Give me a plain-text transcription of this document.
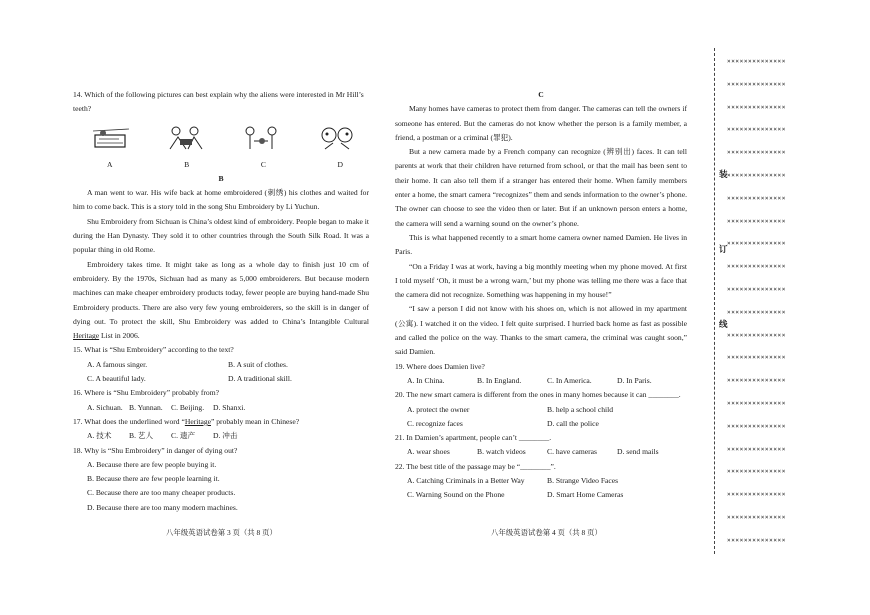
14. Which of the following pictures can best explain why the aliens were interested in Mr Hill’s teeth?

A	B	C	D

B

A man went to war. His wife back at home embroidered (刺绣) his clothes and waited for him to come back. This is a story told in the song Shu Embroidery by Li Yuchun.

Shu Embroidery from Sichuan is China’s oldest kind of embroidery. People began to make it during the Han Dynasty. They sold it to other countries through the South Silk Road. It was a popular thing in old Rome.

Embroidery takes time. It might take as long as a whole day to finish just 10 cm of embroidery. By the 1970s, Sichuan had as many as 5,000 embroiderers. But because modern machines can make cheaper embroidery products today, fewer people are buying hand-made Shu Embroidery products. There are also very few young embroiderers, so the skill is in danger of dying out. To protect the skill, Shu Embroidery was added to China’s Intangible Cultural Heritage List in 2006.

15. What is “Shu Embroidery” according to the text?

A. A famous singer.	B. A suit of clothes.
C. A beautiful lady.	D. A traditional skill.

16. Where is “Shu Embroidery” probably from?

A. Sichuan. B. Yunnan.	C. Beijing.	D. Shanxi.

17. What does the underlined word “Heritage” probably mean in Chinese?

A. 技术	B. 艺人	C. 遗产	D. 冲击

18. Why is “Shu Embroidery” in danger of dying out?

A. Because there are few people buying it.

B. Because there are few people learning it.

C. Because there are too many cheaper products.

D. Because there are too many modern machines.

C

Many homes have cameras to protect them from danger. The cameras can tell the owners if someone has entered. But the cameras do not know whether the person is a family member, a friend, a postman or a criminal (罪犯).

But a new camera made by a French company can recognize (辨别出) faces. It can tell parents at work that their children have returned from school, or that the mail has been sent to their home. It can also tell them if a stranger has entered their home. When family members enter a home, the smart camera “recognizes” them and sends information to the owner’s phone. The owner can choose to see the video then or later. But if an unknown person enters a home, the camera will send a warning sound on the owner’s phone.

This is what happened recently to a smart home camera owner named Damien. He lives in Paris.

“On a Friday I was at work, having a big monthly meeting when my phone moved. At first I told myself ‘Oh, it must be a wrong warn,’ but my phone was telling me there was a face that the camera did not recognize. Something was happening in my house!”

“I saw a person I did not know with his shoes on, which is not allowed in my apartment (公寓). I watched it on the video. I felt quite surprised. I hurried back home as fast as possible and called the police on the way. Thanks to the smart camera, the criminal was caught soon,” said Damien.

19. Where does Damien live?

A. In China.	B. In England.	C. In America.	D. In Paris.

20. The new smart camera is different from the ones in many homes because it can ________.

A. protect the owner	B. help a school child
C. recognize faces	D. call the police

21. In Damien’s apartment, people can’t ________.

A. wear shoes	B. watch videos	C. have cameras	D. send mails

22. The best title of the passage may be “________”.

A. Catching Criminals in a Better Way	B. Strange Video Faces
C. Warning Sound on the Phone	D. Smart Home Cameras
八年级英语试卷第 3 页（共 8 页）	八年级英语试卷第 4 页（共 8 页）
装
订
线
××××××××××××××
××××××××××××××
××××××××××××××
××××××××××××××
××××××××××××××
××××××××××××××
××××××××××××××
××××××××××××××
××××××××××××××
××××××××××××××
××××××××××××××
××××××××××××××
××××××××××××××
××××××××××××××
××××××××××××××
××××××××××××××
××××××××××××××
××××××××××××××
××××××××××××××
××××××××××××××
××××××××××××××
××××××××××××××
